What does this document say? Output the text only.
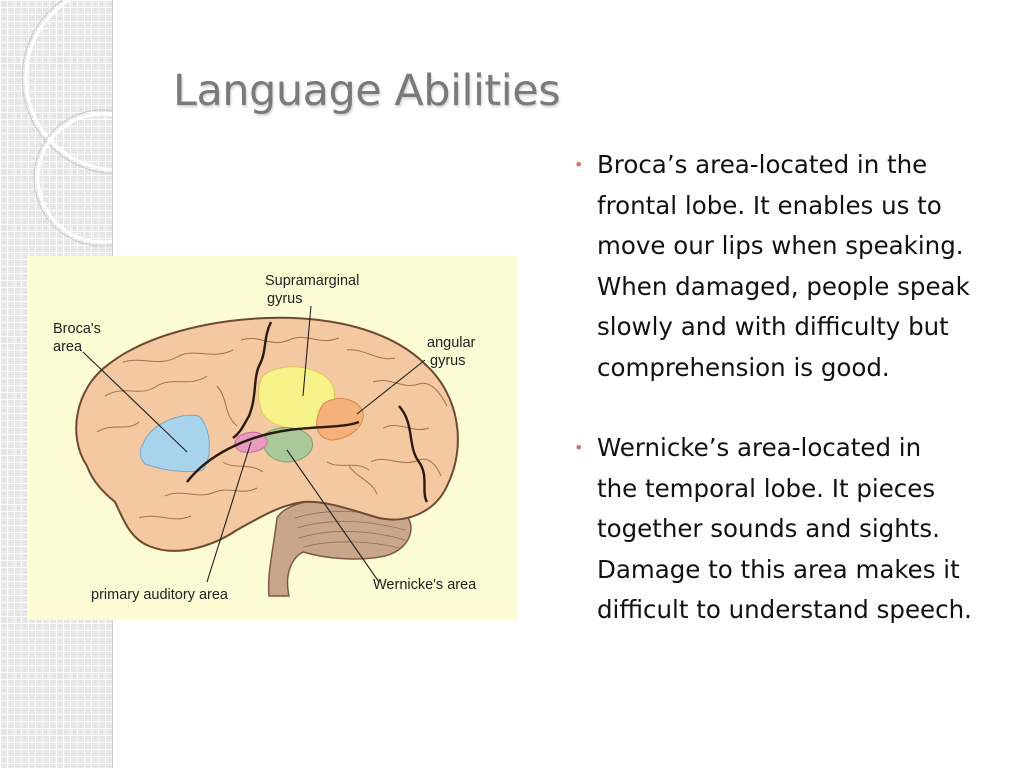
Language Abilities
Supramarginal
gyrus
Broca's
area	angular
gyrus
primary auditory area
Wernicke's area
• Broca’s area-located in the
frontal lobe. It enables us to
move our lips when speaking.
When damaged, people speak
slowly and with difficulty but
comprehension is good.
• Wernicke’s area-located in
the temporal lobe. It pieces
together sounds and sights.
Damage to this area makes it
difficult to understand speech.
